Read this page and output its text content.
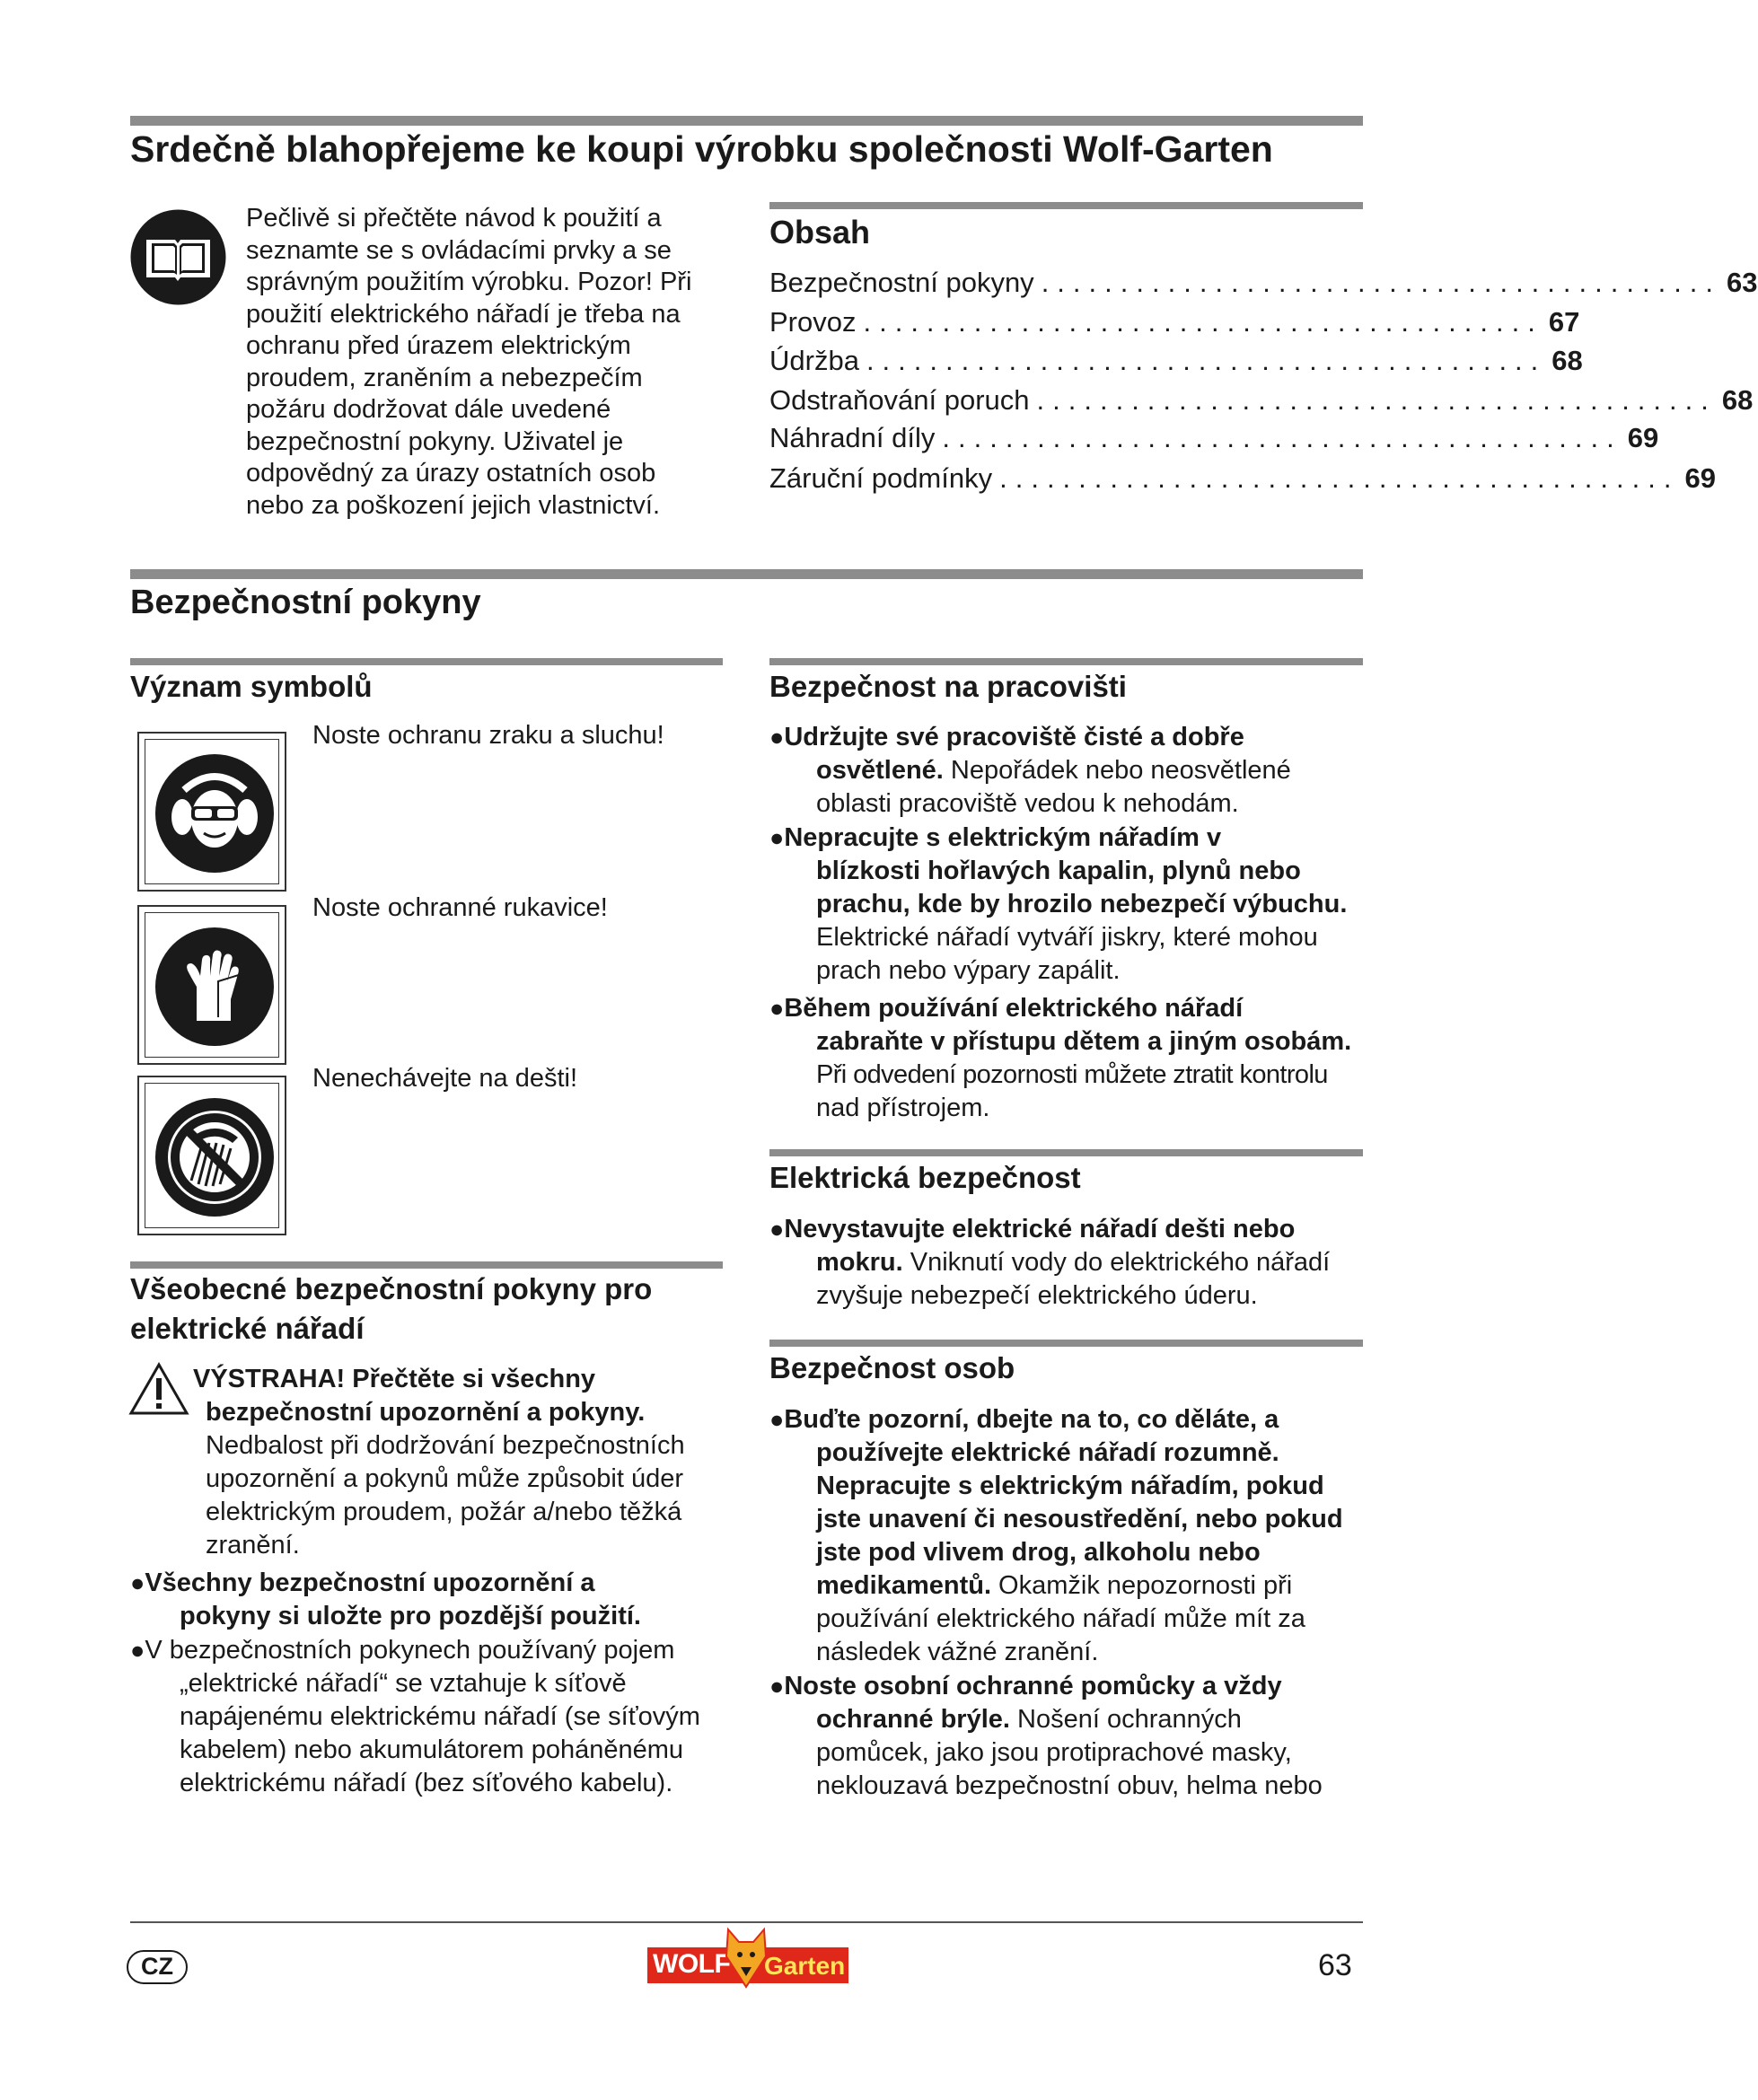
Srdečně blahopřejeme ke koupi výrobku společnosti Wolf-Garten
Pečlivě si přečtěte návod k použití a
seznamte se s ovládacími prvky a se
správným použitím výrobku. Pozor! Při
použití elektrického nářadí je třeba na
ochranu před úrazem elektrickým
proudem, zraněním a nebezpečím
požáru dodržovat dále uvedené
bezpečnostní pokyny. Uživatel je
odpovědný za úrazy ostatních osob
nebo za poškození jejich vlastnictví.
Obsah
Bezpečnostní pokyny ........................................... 63
Provoz ........................................... 67
Údržba ........................................... 68
Odstraňování poruch ........................................... 68
Náhradní díly ........................................... 69
Záruční podmínky ........................................... 69
Bezpečnostní pokyny
Význam symbolů
Noste ochranu zraku a sluchu!
Noste ochranné rukavice!
Nenechávejte na dešti!
Všeobecné bezpečnostní pokyny pro
elektrické nářadí
VÝSTRAHA! Přečtěte si všechny
bezpečnostní upozornění a pokyny.
Nedbalost při dodržování bezpečnostních
upozornění a pokynů může způsobit úder
elektrickým proudem, požár a/nebo těžká
zranění.
●Všechny bezpečnostní upozornění a
pokyny si uložte pro pozdější použití.
●V bezpečnostních pokynech používaný pojem
„elektrické nářadí“ se vztahuje k síťově
napájenému elektrickému nářadí (se síťovým
kabelem) nebo akumulátorem poháněnému
elektrickému nářadí (bez síťového kabelu).
Bezpečnost na pracovišti
●Udržujte své pracoviště čisté a dobře
osvětlené. Nepořádek nebo neosvětlené
oblasti pracoviště vedou k nehodám.
●Nepracujte s elektrickým nářadím v
blízkosti hořlavých kapalin, plynů nebo
prachu, kde by hrozilo nebezpečí výbuchu.
Elektrické nářadí vytváří jiskry, které mohou
prach nebo výpary zapálit.
●Během používání elektrického nářadí
zabraňte v přístupu dětem a jiným osobám.
Při odvedení pozornosti můžete ztratit kontrolu
nad přístrojem.
Elektrická bezpečnost
●Nevystavujte elektrické nářadí dešti nebo
mokru. Vniknutí vody do elektrického nářadí
zvyšuje nebezpečí elektrického úderu.
Bezpečnost osob
●Buďte pozorní, dbejte na to, co děláte, a
používejte elektrické nářadí rozumně.
Nepracujte s elektrickým nářadím, pokud
jste unavení či nesoustředění, nebo pokud
jste pod vlivem drog, alkoholu nebo
medikamentů. Okamžik nepozornosti při
používání elektrického nářadí může mít za
následek vážné zranění.
●Noste osobní ochranné pomůcky a vždy
ochranné brýle. Nošení ochranných
pomůcek, jako jsou protiprachové masky,
neklouzavá bezpečnostní obuv, helma nebo
CZ	WOLF Garten	63
